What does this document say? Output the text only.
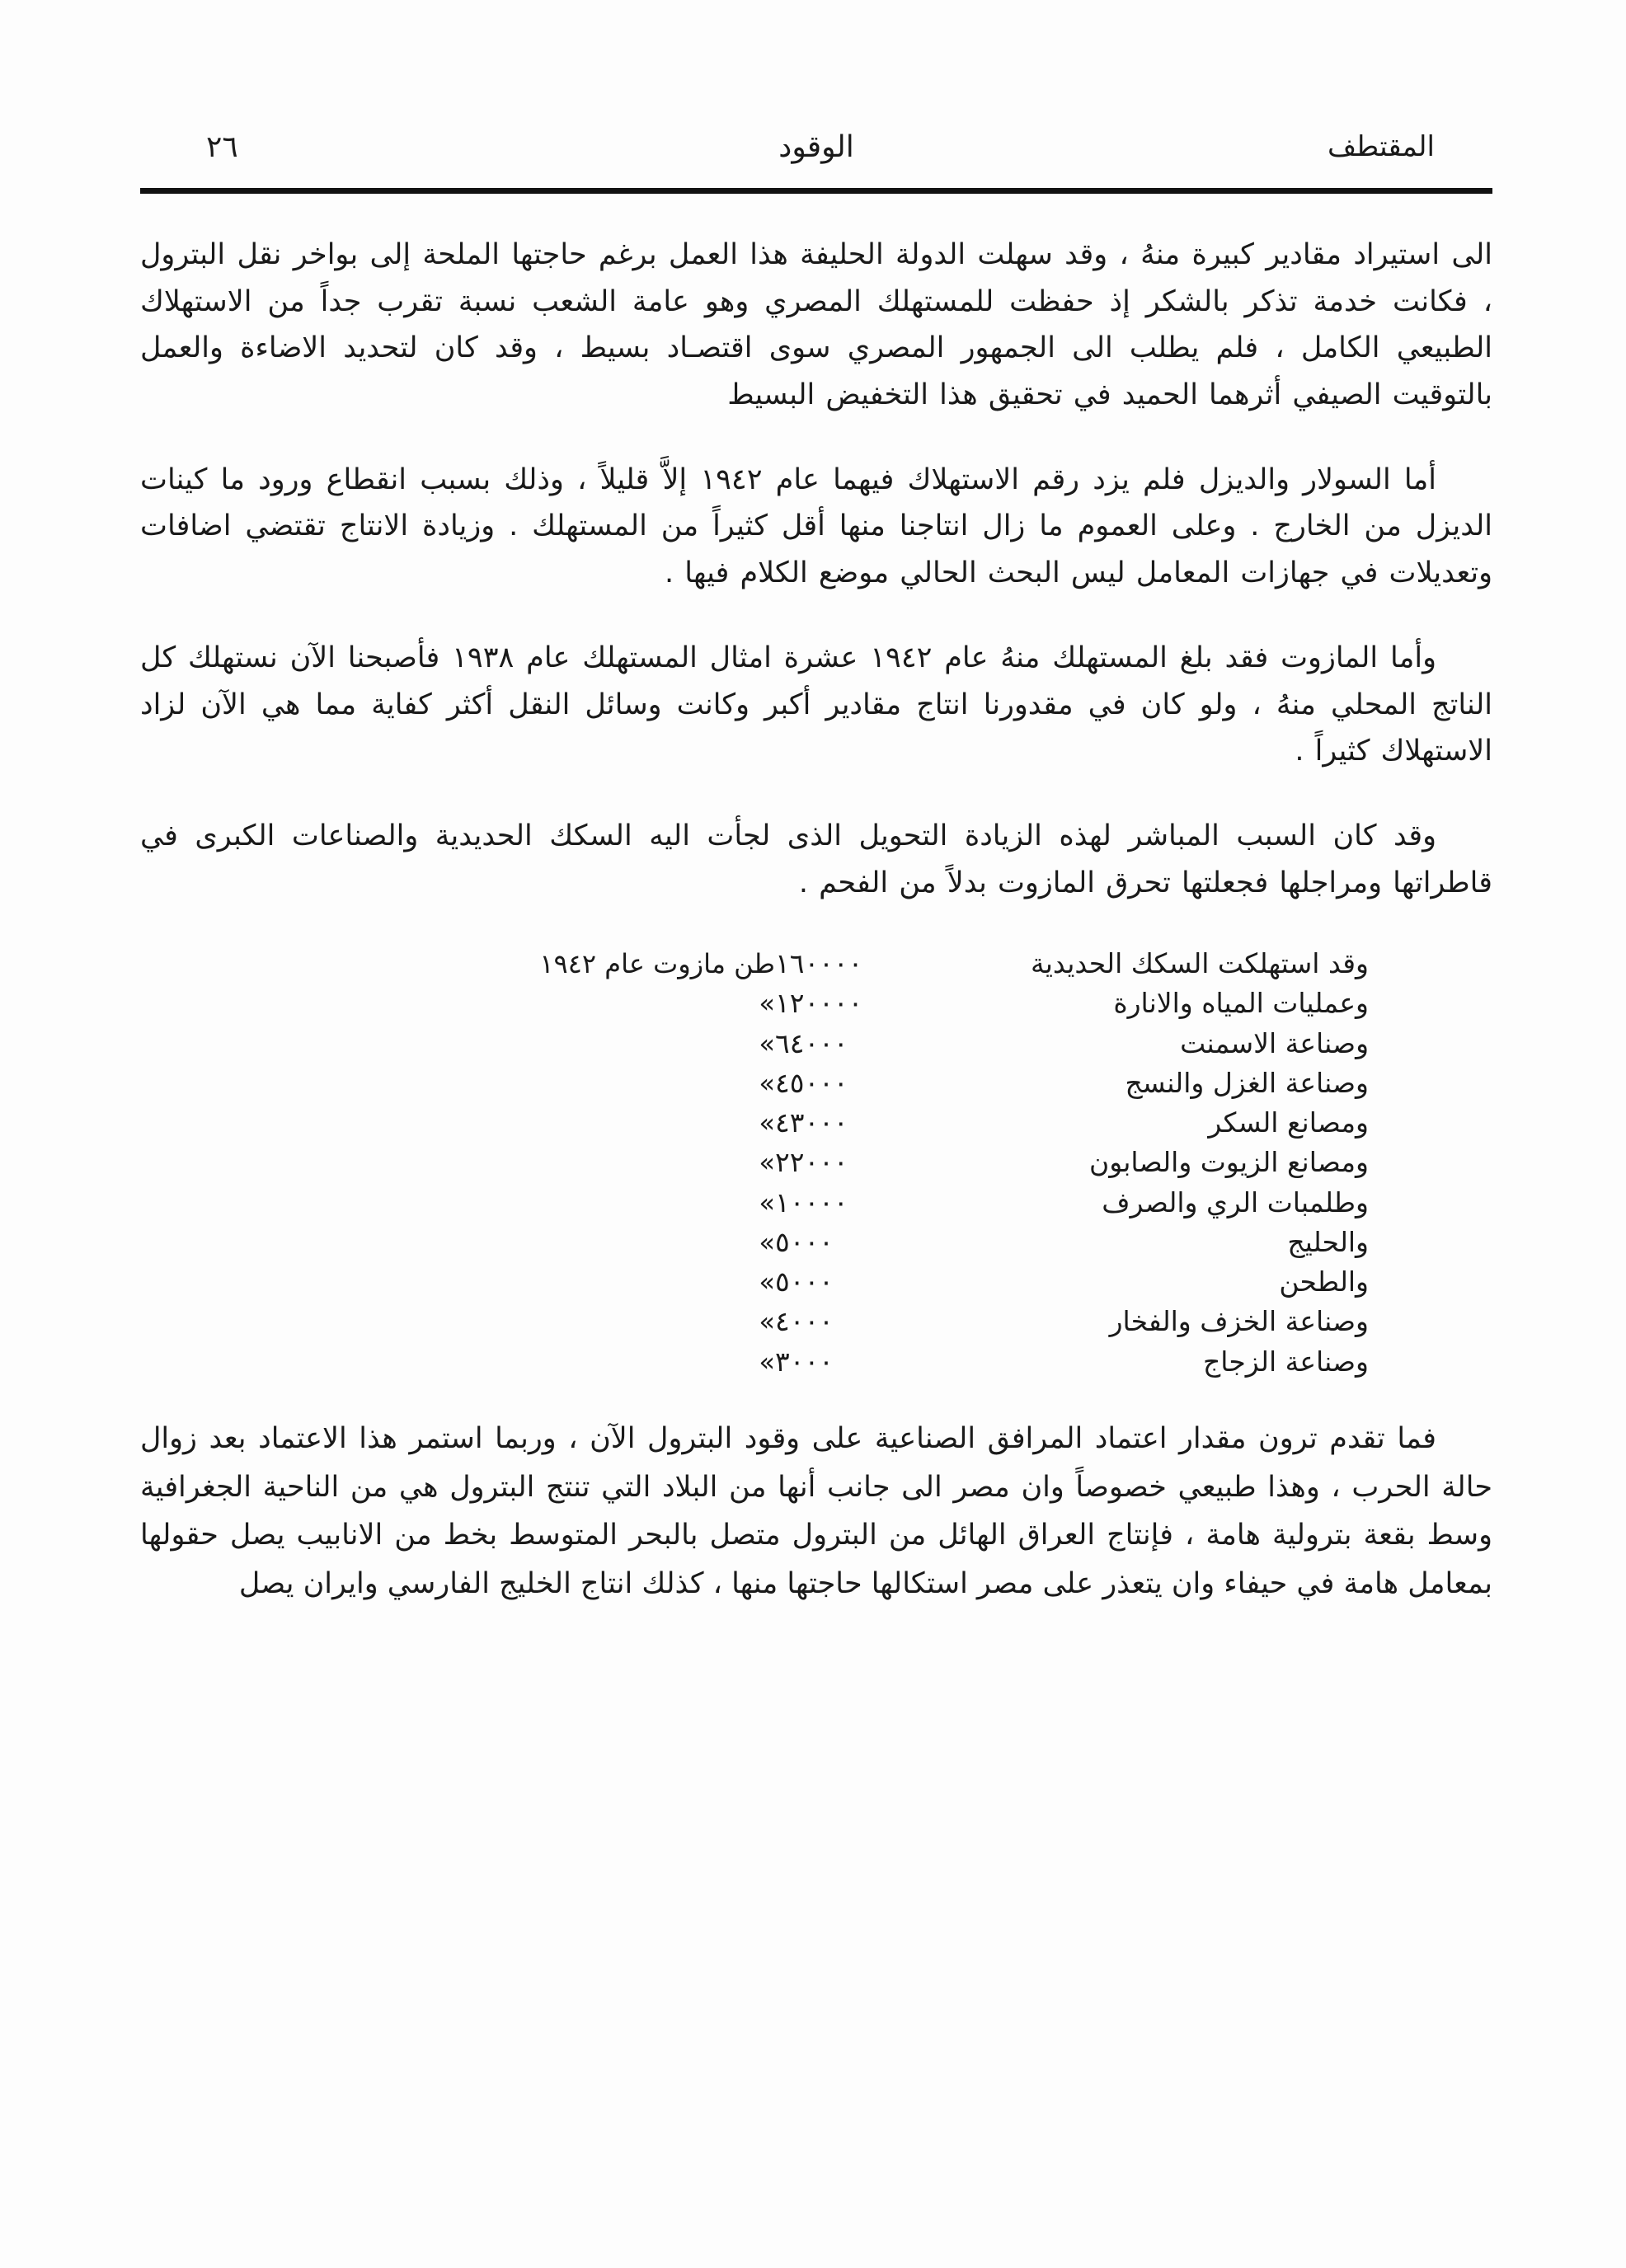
المقتطف
الوقود
٢٦

الى استيراد مقادير كبيرة منهُ ، وقد سهلت الدولة الحليفة هذا العمل برغم حاجتها الملحة إلى بواخر نقل البترول ، فكانت خدمة تذكر بالشكر إذ حفظت للمستهلك المصري وهو عامة الشعب نسبة تقرب جداً من الاستهلاك الطبيعي الكامل ، فلم يطلب الى الجمهور المصري سوى اقتصـاد بسيط ، وقد كان لتحديد الاضاءة والعمل بالتوقيت الصيفي أثرهما الحميد في تحقيق هذا التخفيض البسيط

أما السولار والديزل فلم يزد رقم الاستهلاك فيهما عام ١٩٤٢ إلاَّ قليلاً ، وذلك بسبب انقطاع ورود ما كينات الديزل من الخارج . وعلى العموم ما زال انتاجنا منها أقل كثيراً من المستهلك . وزيادة الانتاج تقتضي اضافات وتعديلات في جهازات المعامل ليس البحث الحالي موضع الكلام فيها .

وأما المازوت فقد بلغ المستهلك منهُ عام ١٩٤٢ عشرة امثال المستهلك عام ١٩٣٨ فأصبحنا الآن نستهلك كل الناتج المحلي منهُ ، ولو كان في مقدورنا انتاج مقادير أكبر وكانت وسائل النقل أكثر كفاية مما هي الآن لزاد الاستهلاك كثيراً .

وقد كان السبب المباشر لهذه الزيادة التحويل الذى لجأت اليه السكك الحديدية والصناعات الكبرى في قاطراتها ومراجلها فجعلتها تحرق المازوت بدلاً من الفحم .

وقد استهلكت السكك الحديدية	١٦٠٠٠٠	طن مازوت عام ١٩٤٢
وعمليات المياه والانارة	١٢٠٠٠٠	»
وصناعة الاسمنت	٦٤٠٠٠	»
وصناعة الغزل والنسج	٤٥٠٠٠	»
ومصانع السكر	٤٣٠٠٠	»
ومصانع الزيوت والصابون	٢٢٠٠٠	»
وطلمبات الري والصرف	١٠٠٠٠	»
والحليج	٥٠٠٠	»
والطحن	٥٠٠٠	»
وصناعة الخزف والفخار	٤٠٠٠	»
وصناعة الزجاج	٣٠٠٠	»

فما تقدم ترون مقدار اعتماد المرافق الصناعية على وقود البترول الآن ، وربما استمر هذا الاعتماد بعد زوال حالة الحرب ، وهذا طبيعي خصوصاً وان مصر الى جانب أنها من البلاد التي تنتج البترول هي من الناحية الجغرافية وسط بقعة بترولية هامة ، فإنتاج العراق الهائل من البترول متصل بالبحر المتوسط بخط من الانابيب يصل حقولها بمعامل هامة في حيفاء وان يتعذر على مصر استكالها حاجتها منها ، كذلك انتاج الخليج الفارسي وايران يصل
